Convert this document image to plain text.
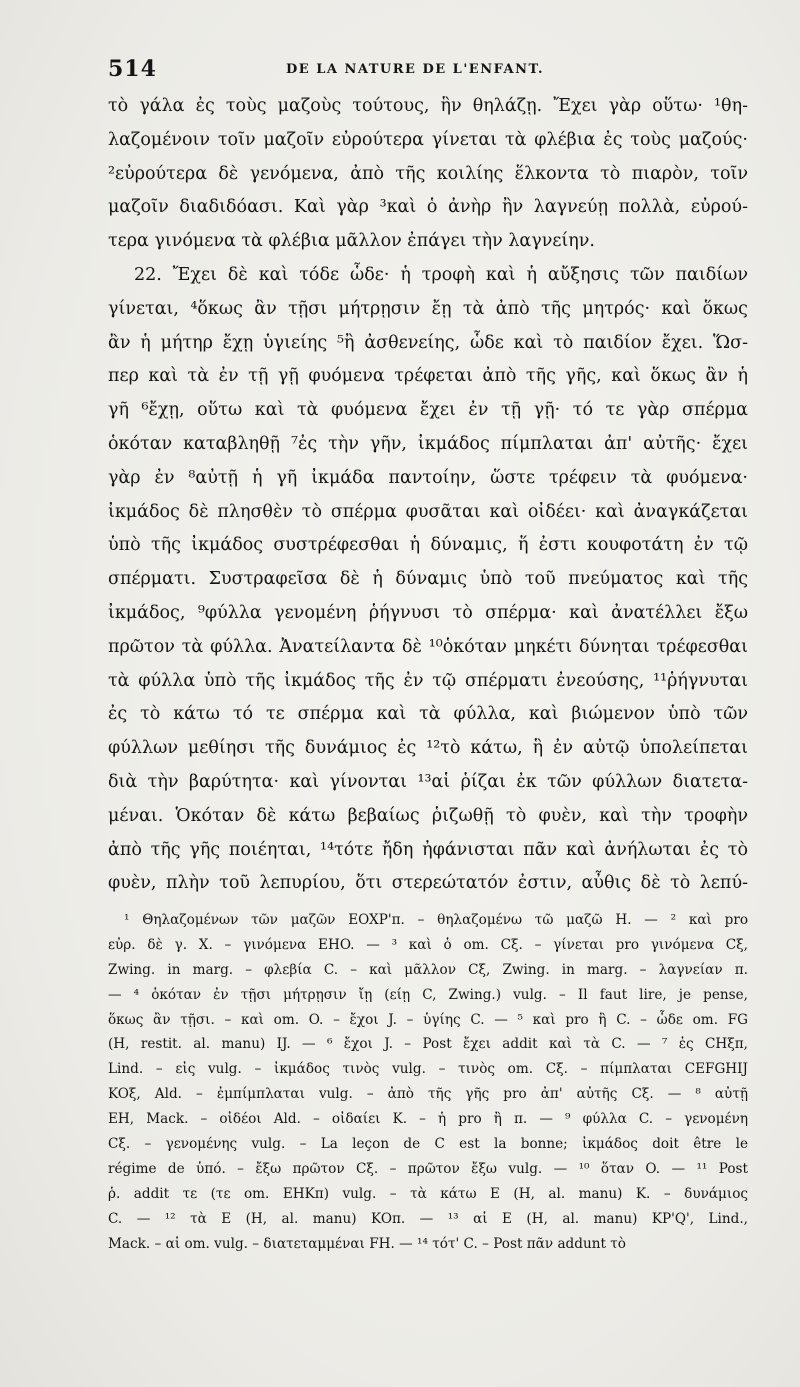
514	DE LA NATURE DE L'ENFANT.
τὸ γάλα ἐς τοὺς μαζοὺς τούτους, ἣν θηλάζῃ. Ἔχει γὰρ οὕτω· ¹θη-
λαζομένοιν τοῖν μαζοῖν εὐρούτερα γίνεται τὰ φλέβια ἐς τοὺς μαζούς·
²εὐρούτερα δὲ γενόμενα, ἀπὸ τῆς κοιλίης ἕλκοντα τὸ πιαρὸν, τοῖν
μαζοῖν διαδιδόασι. Καὶ γὰρ ³καὶ ὁ ἀνὴρ ἢν λαγνεύῃ πολλὰ, εὐρού-
τερα γινόμενα τὰ φλέβια μᾶλλον ἐπάγει τὴν λαγνείην.
22. Ἔχει δὲ καὶ τόδε ὧδε· ἡ τροφὴ καὶ ἡ αὔξησις τῶν παιδίων
γίνεται, ⁴ὅκως ἂν τῇσι μήτρῃσιν ἔῃ τὰ ἀπὸ τῆς μητρός· καὶ ὅκως
ἂν ἡ μήτηρ ἔχῃ ὑγιείης ⁵ἢ ἀσθενείης, ὧδε καὶ τὸ παιδίον ἔχει. Ὥσ-
περ καὶ τὰ ἐν τῇ γῇ φυόμενα τρέφεται ἀπὸ τῆς γῆς, καὶ ὅκως ἂν ἡ
γῆ ⁶ἔχῃ, οὕτω καὶ τὰ φυόμενα ἔχει ἐν τῇ γῇ· τό τε γὰρ σπέρμα
ὁκόταν καταβληθῇ ⁷ἐς τὴν γῆν, ἰκμάδος πίμπλαται ἀπ' αὐτῆς· ἔχει
γὰρ ἐν ⁸αὐτῇ ἡ γῆ ἰκμάδα παντοίην, ὥστε τρέφειν τὰ φυόμενα·
ἰκμάδος δὲ πλησθὲν τὸ σπέρμα φυσᾶται καὶ οἰδέει· καὶ ἀναγκάζεται
ὑπὸ τῆς ἰκμάδος συστρέφεσθαι ἡ δύναμις, ἥ ἐστι κουφοτάτη ἐν τῷ
σπέρματι. Συστραφεῖσα δὲ ἡ δύναμις ὑπὸ τοῦ πνεύματος καὶ τῆς
ἰκμάδος, ⁹φύλλα γενομένη ῥήγνυσι τὸ σπέρμα· καὶ ἀνατέλλει ἔξω
πρῶτον τὰ φύλλα. Ἀνατείλαντα δὲ ¹⁰ὁκόταν μηκέτι δύνηται τρέφεσθαι
τὰ φύλλα ὑπὸ τῆς ἰκμάδος τῆς ἐν τῷ σπέρματι ἐνεούσης, ¹¹ῥήγνυται
ἐς τὸ κάτω τό τε σπέρμα καὶ τὰ φύλλα, καὶ βιώμενον ὑπὸ τῶν
φύλλων μεθίησι τῆς δυνάμιος ἐς ¹²τὸ κάτω, ἣ ἐν αὐτῷ ὑπολείπεται
διὰ τὴν βαρύτητα· καὶ γίνονται ¹³αἱ ῥίζαι ἐκ τῶν φύλλων διατετα-
μέναι. Ὁκόταν δὲ κάτω βεβαίως ῥιζωθῇ τὸ φυὲν, καὶ τὴν τροφὴν
ἀπὸ τῆς γῆς ποιέηται, ¹⁴τότε ἤδη ἠφάνισται πᾶν καὶ ἀνήλωται ἐς τὸ
φυὲν, πλὴν τοῦ λεπυρίου, ὅτι στερεώτατόν ἐστιν, αὖθις δὲ τὸ λεπύ-
¹ Θηλαζομένων τῶν μαζῶν EOXP'π. – θηλαζομένω τῶ μαζῶ H. — ² καὶ pro
εὐρ. δὲ γ. X. – γινόμενα EHO. — ³ καὶ ὁ om. Cξ. – γίνεται pro γινόμενα Cξ,
Zwing. in marg. – φλεβία C. – καὶ μᾶλλον Cξ, Zwing. in marg. – λαγνείαν π.
— ⁴ ὁκόταν ἐν τῇσι μήτρῃσιν ἴῃ (είῃ C, Zwing.) vulg. – Il faut lire, je pense,
ὅκως ἂν τῇσι. – καὶ om. O. – ἔχοι J. – ὑγίης C. — ⁵ καὶ pro ἢ C. – ὧδε om. FG
(H, restit. al. manu) IJ. — ⁶ ἔχοι J. – Post ἔχει addit καὶ τὰ C. — ⁷ ἐς CHξπ,
Lind. – εἰς vulg. – ἰκμάδος τινὸς vulg. – τινὸς om. Cξ. – πίμπλαται CEFGHIJ
KOξ, Ald. – ἐμπίμπλαται vulg. – ἀπὸ τῆς γῆς pro ἀπ' αὐτῆς Cξ. — ⁸ αὐτῇ
EH, Mack. – οἰδέοι Ald. – οἰδαίει K. – ἡ pro ἢ π. — ⁹ φύλλα C. – γενομένη
Cξ. – γενομένης vulg. – La leçon de C est la bonne; ἰκμάδος doit être le
régime de ὑπό. – ἔξω πρῶτον Cξ. – πρῶτον ἔξω vulg. — ¹⁰ ὅταν O. — ¹¹ Post
ῥ. addit τε (τε om. EHKπ) vulg. – τὰ κάτω E (H, al. manu) K. – δυνάμιος
C. — ¹² τὰ E (H, al. manu) KOπ. — ¹³ αἱ E (H, al. manu) KP'Q', Lind.,
Mack. – αἱ om. vulg. – διατεταμμέναι FH. — ¹⁴ τότ' C. – Post πᾶν addunt τὸ
